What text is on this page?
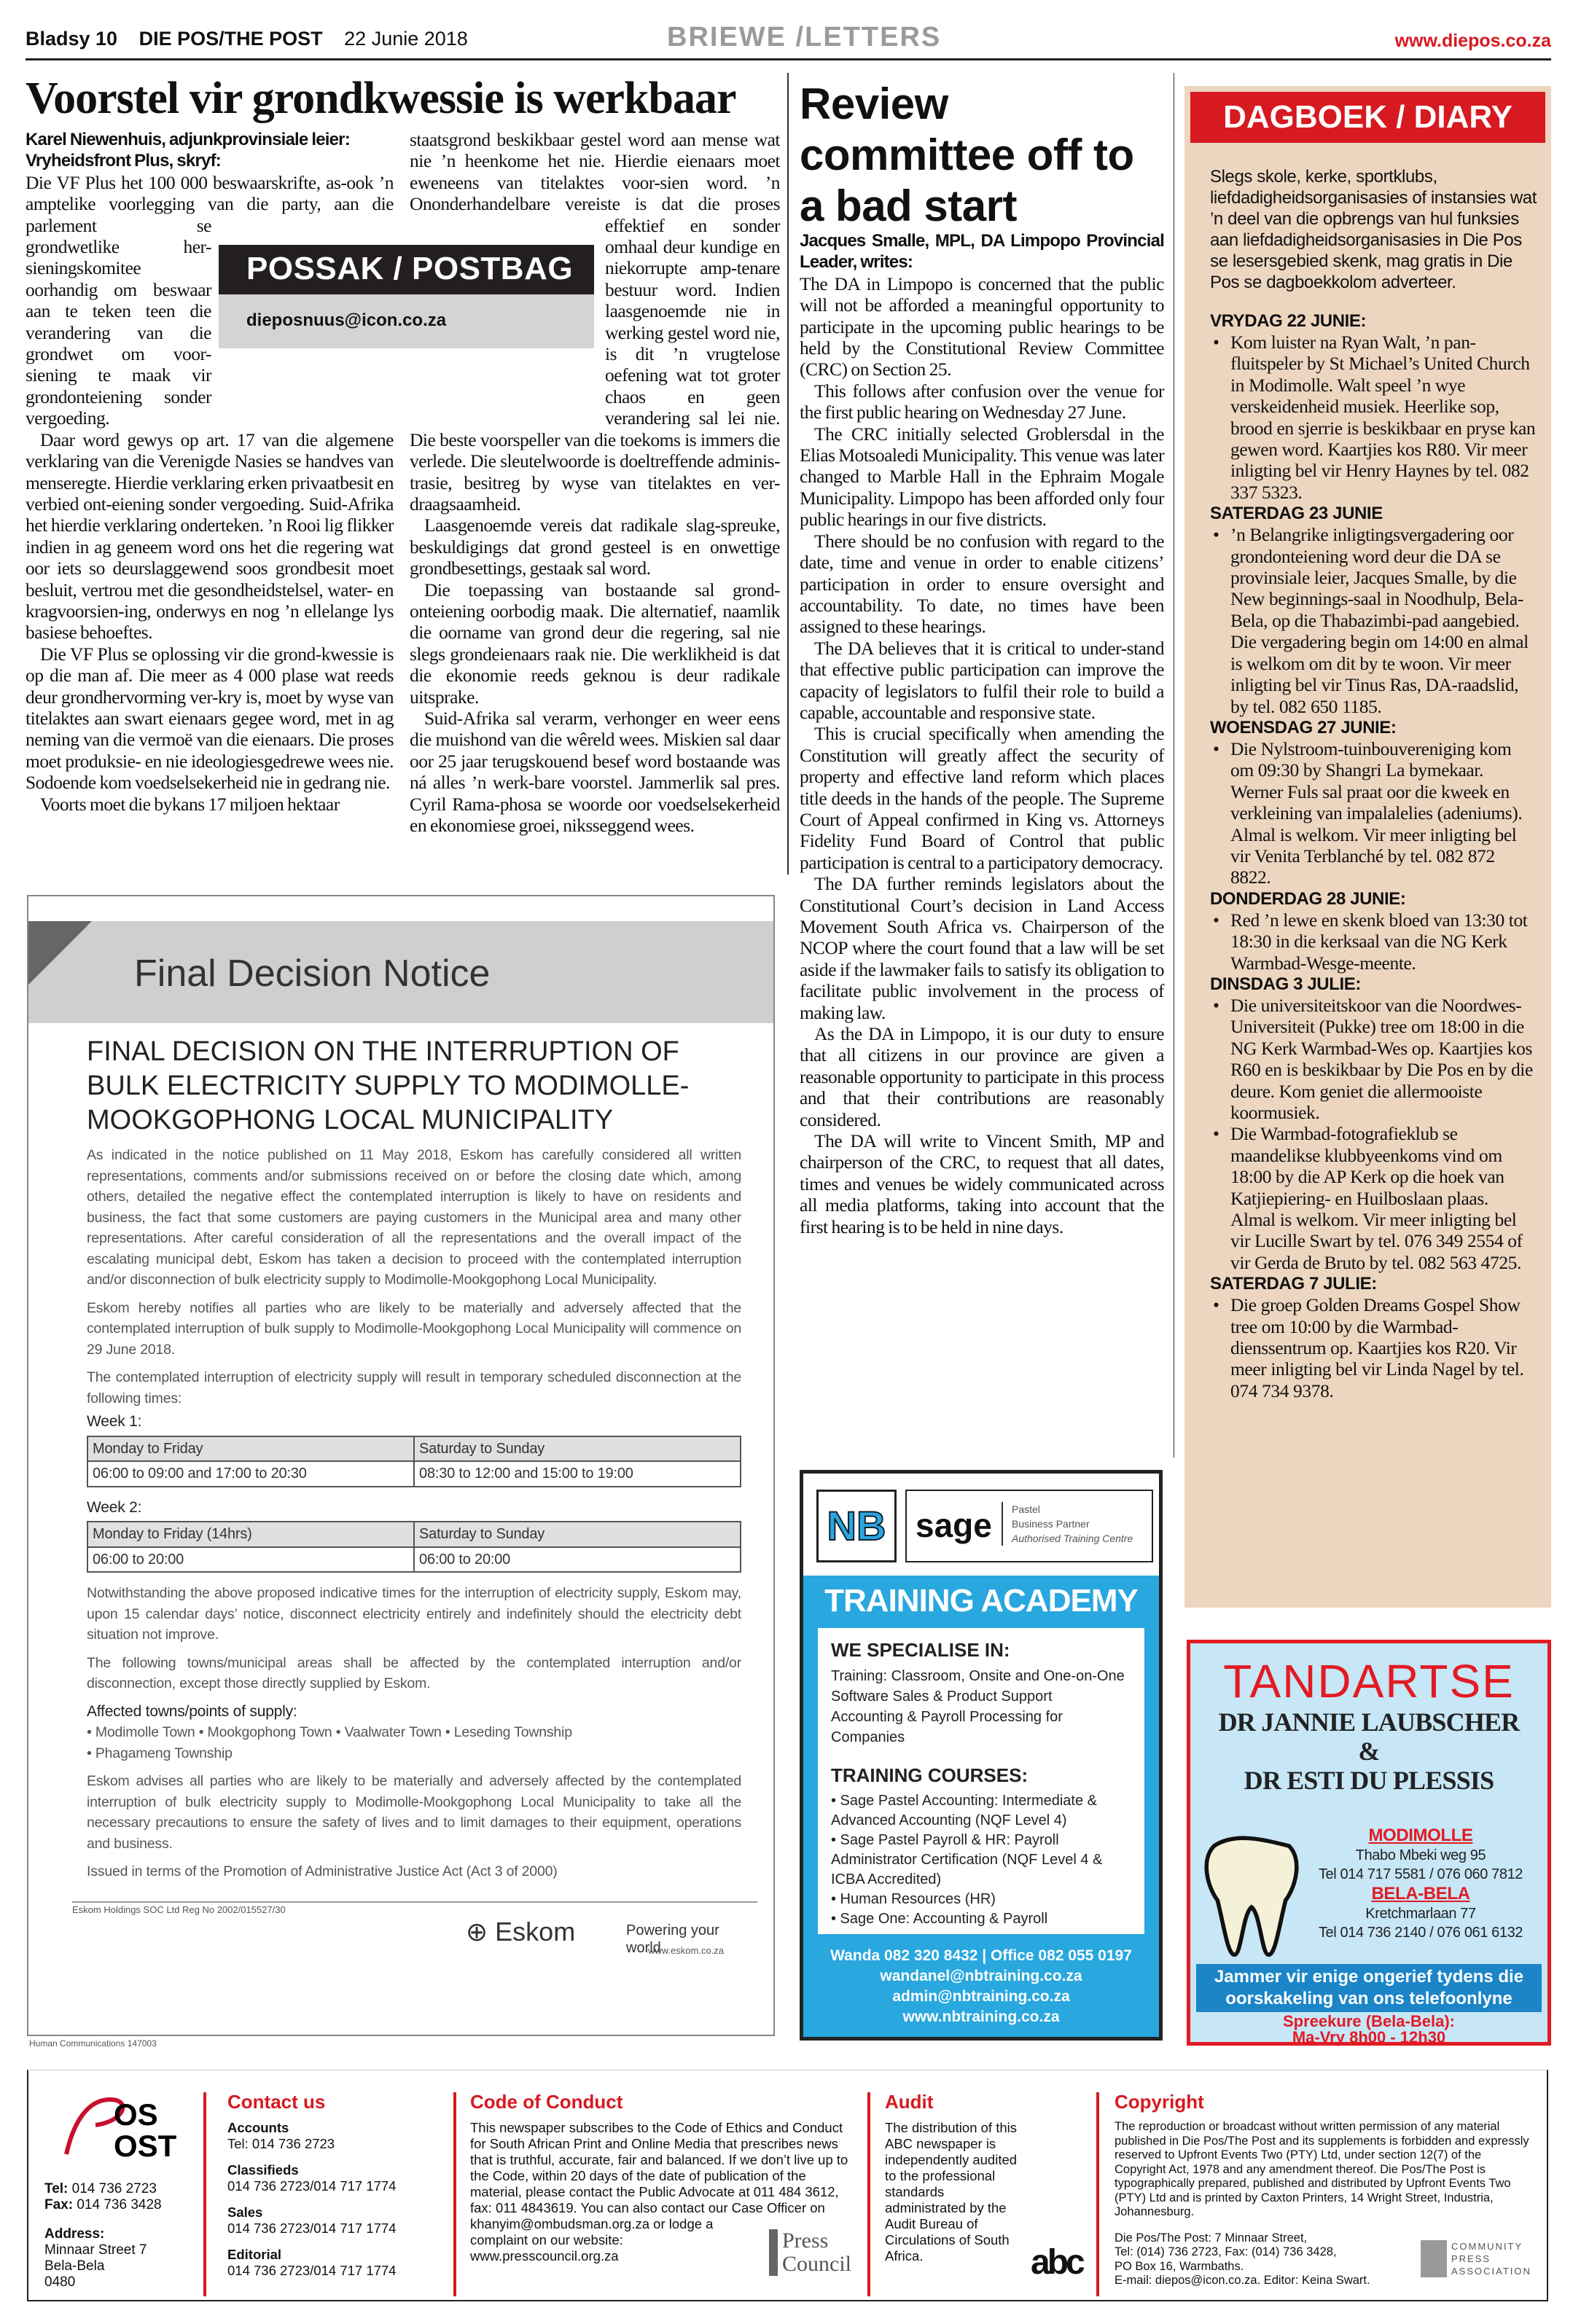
Bladsy 10 DIE POS/THE POST 22 Junie 2018	BRIEWE /LETTERS	www.diepos.co.za
Voorstel vir grondkwessie is werkbaar
Karel Niewenhuis, adjunkprovinsiale leier:
Vryheidsfront Plus, skryf:

Die VF Plus het 100 000 beswaarskrifte, as-ook ’n amptelike voorlegging van die party, aan die parlement se grondwetlike her-sieningskomitee oorhandig om beswaar aan te teken teen die verandering van die grondwet om voor-siening te maak vir grondonteiening sonder vergoeding.

Daar word gewys op art. 17 van die algemene verklaring van die Verenigde Nasies se handves van menseregte. Hierdie verklaring erken privaatbesit en verbied ont-eiening sonder vergoeding. Suid-Afrika het hierdie verklaring onderteken. ’n Rooi lig flikker indien in ag geneem word ons het die regering wat oor iets so deurslaggewend soos grondbesit moet besluit, vertrou met die gesondheidstelsel, water- en kragvoorsien-ing, onderwys en nog ’n ellelange lys basiese behoeftes.

Die VF Plus se oplossing vir die grond-kwessie is op die man af. Die meer as 4 000 plase wat reeds deur grondhervorming ver-kry is, moet by wyse van titelaktes aan swart eienaars gegee word, met in ag neming van die vermoë van die eienaars. Die proses moet produksie- en nie ideologiesgedrewe wees nie. Sodoende kom voedselsekerheid nie in gedrang nie.

Voorts moet die bykans 17 miljoen hektaar

staatsgrond beskikbaar gestel word aan mense wat nie ’n heenkome het nie. Hierdie eienaars moet eweneens van titelaktes voor-sien word. ’n Ononderhandelbare vereiste is dat die proses effektief en sonder omhaal deur kundige en niekorrupte amp-tenare bestuur word. Indien laasgenoemde nie in werking gestel word nie, is dit ’n vrugtelose oefening wat tot groter chaos en geen verandering sal lei nie. Die beste voorspeller van die toekoms is immers die verlede. Die sleutelwoorde is doeltreffende adminis-trasie, besitreg by wyse van titelaktes en ver-draagsaamheid.

Laasgenoemde vereis dat radikale slag-spreuke, beskuldigings dat grond gesteel is en onwettige grondbesettings, gestaak sal word.

Die toepassing van bostaande sal grond-onteiening oorbodig maak. Die alternatief, naamlik die oorname van grond deur die regering, sal nie slegs grondeienaars raak nie. Die werklikheid is dat die ekonomie reeds geknou is deur radikale uitsprake.

Suid-Afrika sal verarm, verhonger en weer eens die muishond van die wêreld wees. Miskien sal daar oor 25 jaar terugskouend besef word bostaande was ná alles ’n werk-bare voorstel. Jammerlik sal pres. Cyril Rama-phosa se woorde oor voedselsekerheid en ekonomiese groei, niksseggend wees.

POSSAK / POSTBAG
dieposnuus@icon.co.za
Review committee off to a bad start
Jacques Smalle, MPL, DA Limpopo Provincial Leader, writes:

The DA in Limpopo is concerned that the public will not be afforded a meaningful opportunity to participate in the upcoming public hearings to be held by the Constitutional Review Committee (CRC) on Section 25.

This follows after confusion over the venue for the first public hearing on Wednesday 27 June.

The CRC initially selected Groblersdal in the Elias Motsoaledi Municipality. This venue was later changed to Marble Hall in the Ephraim Mogale Municipality. Limpopo has been afforded only four public hearings in our five districts.

There should be no confusion with regard to the date, time and venue in order to enable citizens’ participation in order to ensure oversight and accountability. To date, no times have been assigned to these hearings.

The DA believes that it is critical to under-stand that effective public participation can improve the capacity of legislators to fulfil their role to build a capable, accountable and responsive state.

This is crucial specifically when amending the Constitution will greatly affect the security of property and effective land reform which places title deeds in the hands of the people. The Supreme Court of Appeal confirmed in King vs. Attorneys Fidelity Fund Board of Control that public participation is central to a participatory democracy.

The DA further reminds legislators about the Constitutional Court’s decision in Land Access Movement South Africa vs. Chairperson of the NCOP where the court found that a law will be set aside if the lawmaker fails to satisfy its obligation to facilitate public involvement in the process of making law.

As the DA in Limpopo, it is our duty to ensure that all citizens in our province are given a reasonable opportunity to participate in this process and that their contributions are reasonably considered.

The DA will write to Vincent Smith, MP and chairperson of the CRC, to request that all dates, times and venues be widely communicated across all media platforms, taking into account that the first hearing is to be held in nine days.

DAGBOEK / DIARY
Slegs skole, kerke, sportklubs, liefdadigheidsorganisasies of instansies wat ’n deel van die opbrengs van hul funksies aan liefdadigheidsorganisasies in Die Pos se lesersgebied skenk, mag gratis in Die Pos se dagboekkolom adverteer.
VRYDAG 22 JUNIE:
• Kom luister na Ryan Walt, ’n pan-fluitspeler by St Michael’s United Church in Modimolle. Walt speel ’n wye verskeidenheid musiek. Heerlike sop, brood en sjerrie is beskikbaar en pryse kan gewen word. Kaartjies kos R80. Vir meer inligting bel vir Henry Haynes by tel. 082 337 5323.
SATERDAG 23 JUNIE
• ’n Belangrike inligtingsvergadering oor grondonteiening word deur die DA se provinsiale leier, Jacques Smalle, by die New beginnings-saal in Noodhulp, Bela-Bela, op die Thabazimbi-pad aangebied. Die vergadering begin om 14:00 en almal is welkom om dit by te woon. Vir meer inligting bel vir Tinus Ras, DA-raadslid, by tel. 082 650 1185.
WOENSDAG 27 JUNIE:
• Die Nylstroom-tuinbouvereniging kom om 09:30 by Shangri La bymekaar. Werner Fuls sal praat oor die kweek en verkleining van impalalelies (adeniums). Almal is welkom. Vir meer inligting bel vir Venita Terblanché by tel. 082 872 8822.
DONDERDAG 28 JUNIE:
• Red ’n lewe en skenk bloed van 13:30 tot 18:30 in die kerksaal van die NG Kerk Warmbad-Wesge-meente.
DINSDAG 3 JULIE:
• Die universiteitskoor van die Noordwes-Universiteit (Pukke) tree om 18:00 in die NG Kerk Warmbad-Wes op. Kaartjies kos R60 en is beskikbaar by Die Pos en by die deure. Kom geniet die allermooiste koormusiek.
• Die Warmbad-fotografieklub se maandelikse klubbyeenkoms vind om 18:00 by die AP Kerk op die hoek van Katjiepiering- en Huilboslaan plaas. Almal is welkom. Vir meer inligting bel vir Lucille Swart by tel. 076 349 2554 of vir Gerda de Bruto by tel. 082 563 4725.
SATERDAG 7 JULIE:
• Die groep Golden Dreams Gospel Show tree om 10:00 by die Warmbad-dienssentrum op. Kaartjies kos R20. Vir meer inligting bel vir Linda Nagel by tel. 074 734 9378.
Final Decision Notice
FINAL DECISION ON THE INTERRUPTION OF BULK ELECTRICITY SUPPLY TO MODIMOLLE-MOOKGOPHONG LOCAL MUNICIPALITY

As indicated in the notice published on 11 May 2018, Eskom has carefully considered all written representations, comments and/or submissions received on or before the closing date which, among others, detailed the negative effect the contemplated interruption is likely to have on residents and business, the fact that some customers are paying customers in the Municipal area and many other representations. After careful consideration of all the representations and the overall impact of the escalating municipal debt, Eskom has taken a decision to proceed with the contemplated interruption and/or disconnection of bulk electricity supply to Modimolle-Mookgophong Local Municipality.

Eskom hereby notifies all parties who are likely to be materially and adversely affected that the contemplated interruption of bulk supply to Modimolle-Mookgophong Local Municipality will commence on 29 June 2018.

The contemplated interruption of electricity supply will result in temporary scheduled disconnection at the following times:

Week 1:
Monday to Friday	Saturday to Sunday
06:00 to 09:00 and 17:00 to 20:30	08:30 to 12:00 and 15:00 to 19:00
Week 2:
Monday to Friday (14hrs)	Saturday to Sunday
06:00 to 20:00	06:00 to 20:00

Notwithstanding the above proposed indicative times for the interruption of electricity supply, Eskom may, upon 15 calendar days’ notice, disconnect electricity entirely and indefinitely should the electricity debt situation not improve.

The following towns/municipal areas shall be affected by the contemplated interruption and/or disconnection, except those directly supplied by Eskom.

Affected towns/points of supply:
• Modimolle Town • Mookgophong Town • Vaalwater Town • Leseding Township

• Phagameng Township

Eskom advises all parties who are likely to be materially and adversely affected by the contemplated interruption of bulk electricity supply to Modimolle-Mookgophong Local Municipality to take all the necessary precautions to ensure the safety of lives and to limit damages to their equipment, operations and business.

Issued in terms of the Promotion of Administrative Justice Act (Act 3 of 2000)

Eskom Holdings SOC Ltd Reg No 2002/015527/30
⊕ Eskom	Powering your world
www.eskom.co.za
Human Communications 147003
NB sage Pastel
Business Partner
Authorised Training Centre
TRAINING ACADEMY
WE SPECIALISE IN:
Training: Classroom, Onsite and One-on-One
Software Sales & Product Support
Accounting & Payroll Processing for Companies
TRAINING COURSES:
• Sage Pastel Accounting: Intermediate & Advanced Accounting (NQF Level 4)
• Sage Pastel Payroll & HR: Payroll Administrator Certification (NQF Level 4 & ICBA Accredited)
• Human Resources (HR)
• Sage One: Accounting & Payroll
Wanda 082 320 8432 | Office 082 055 0197
wandanel@nbtraining.co.za
admin@nbtraining.co.za
www.nbtraining.co.za
TANDARTSE
DR JANNIE LAUBSCHER
&
DR ESTI DU PLESSIS
MODIMOLLE
Thabo Mbeki weg 95
Tel 014 717 5581 / 076 060 7812
BELA-BELA
Kretchmarlaan 77
Tel 014 736 2140 / 076 061 6132
Jammer vir enige ongerief tydens die oorskakeling van ons telefoonlyne
Spreekure (Bela-Bela):
Ma-Vry 8h00 - 12h30
OS
OST
Tel: 014 736 2723
Fax: 014 736 3428
Address:
Minnaar Street 7
Bela-Bela
0480
Contact us
Accounts
Tel: 014 736 2723
Classifieds
014 736 2723/014 717 1774
Sales
014 736 2723/014 717 1774
Editorial
014 736 2723/014 717 1774
Code of Conduct
Press Council
This newspaper subscribes to the Code of Ethics and Conduct for South African Print and Online Media that prescribes news that is truthful, accurate, fair and balanced. If we don’t live up to the Code, within 20 days of the date of publication of the material, please contact the Public Advocate at 011 484 3612, fax: 011 4843619. You can also contact our Case Officer on khanyim@ombudsman.org.za or lodge a complaint on our website: www.presscouncil.org.za
Audit
The distribution of this ABC newspaper is independently audited to the professional standards administrated by the Audit Bureau of Circulations of South Africa.	abc
Copyright
The reproduction or broadcast without written permission of any material published in Die Pos/The Post and its supplements is forbidden and expressly reserved to Upfront Events Two (PTY) Ltd, under section 12(7) of the Copyright Act, 1978 and any amendment thereof. Die Pos/The Post is typographically prepared, published and distributed by Upfront Events Two (PTY) Ltd and is printed by Caxton Printers, 14 Wright Street, Industria, Johannesburg.
Die Pos/The Post: 7 Minnaar Street,
Tel: (014) 736 2723, Fax: (014) 736 3428,
PO Box 16, Warmbaths.
E-mail: diepos@icon.co.za. Editor: Keina Swart.
COMMUNITY PRESS ASSOCIATION
